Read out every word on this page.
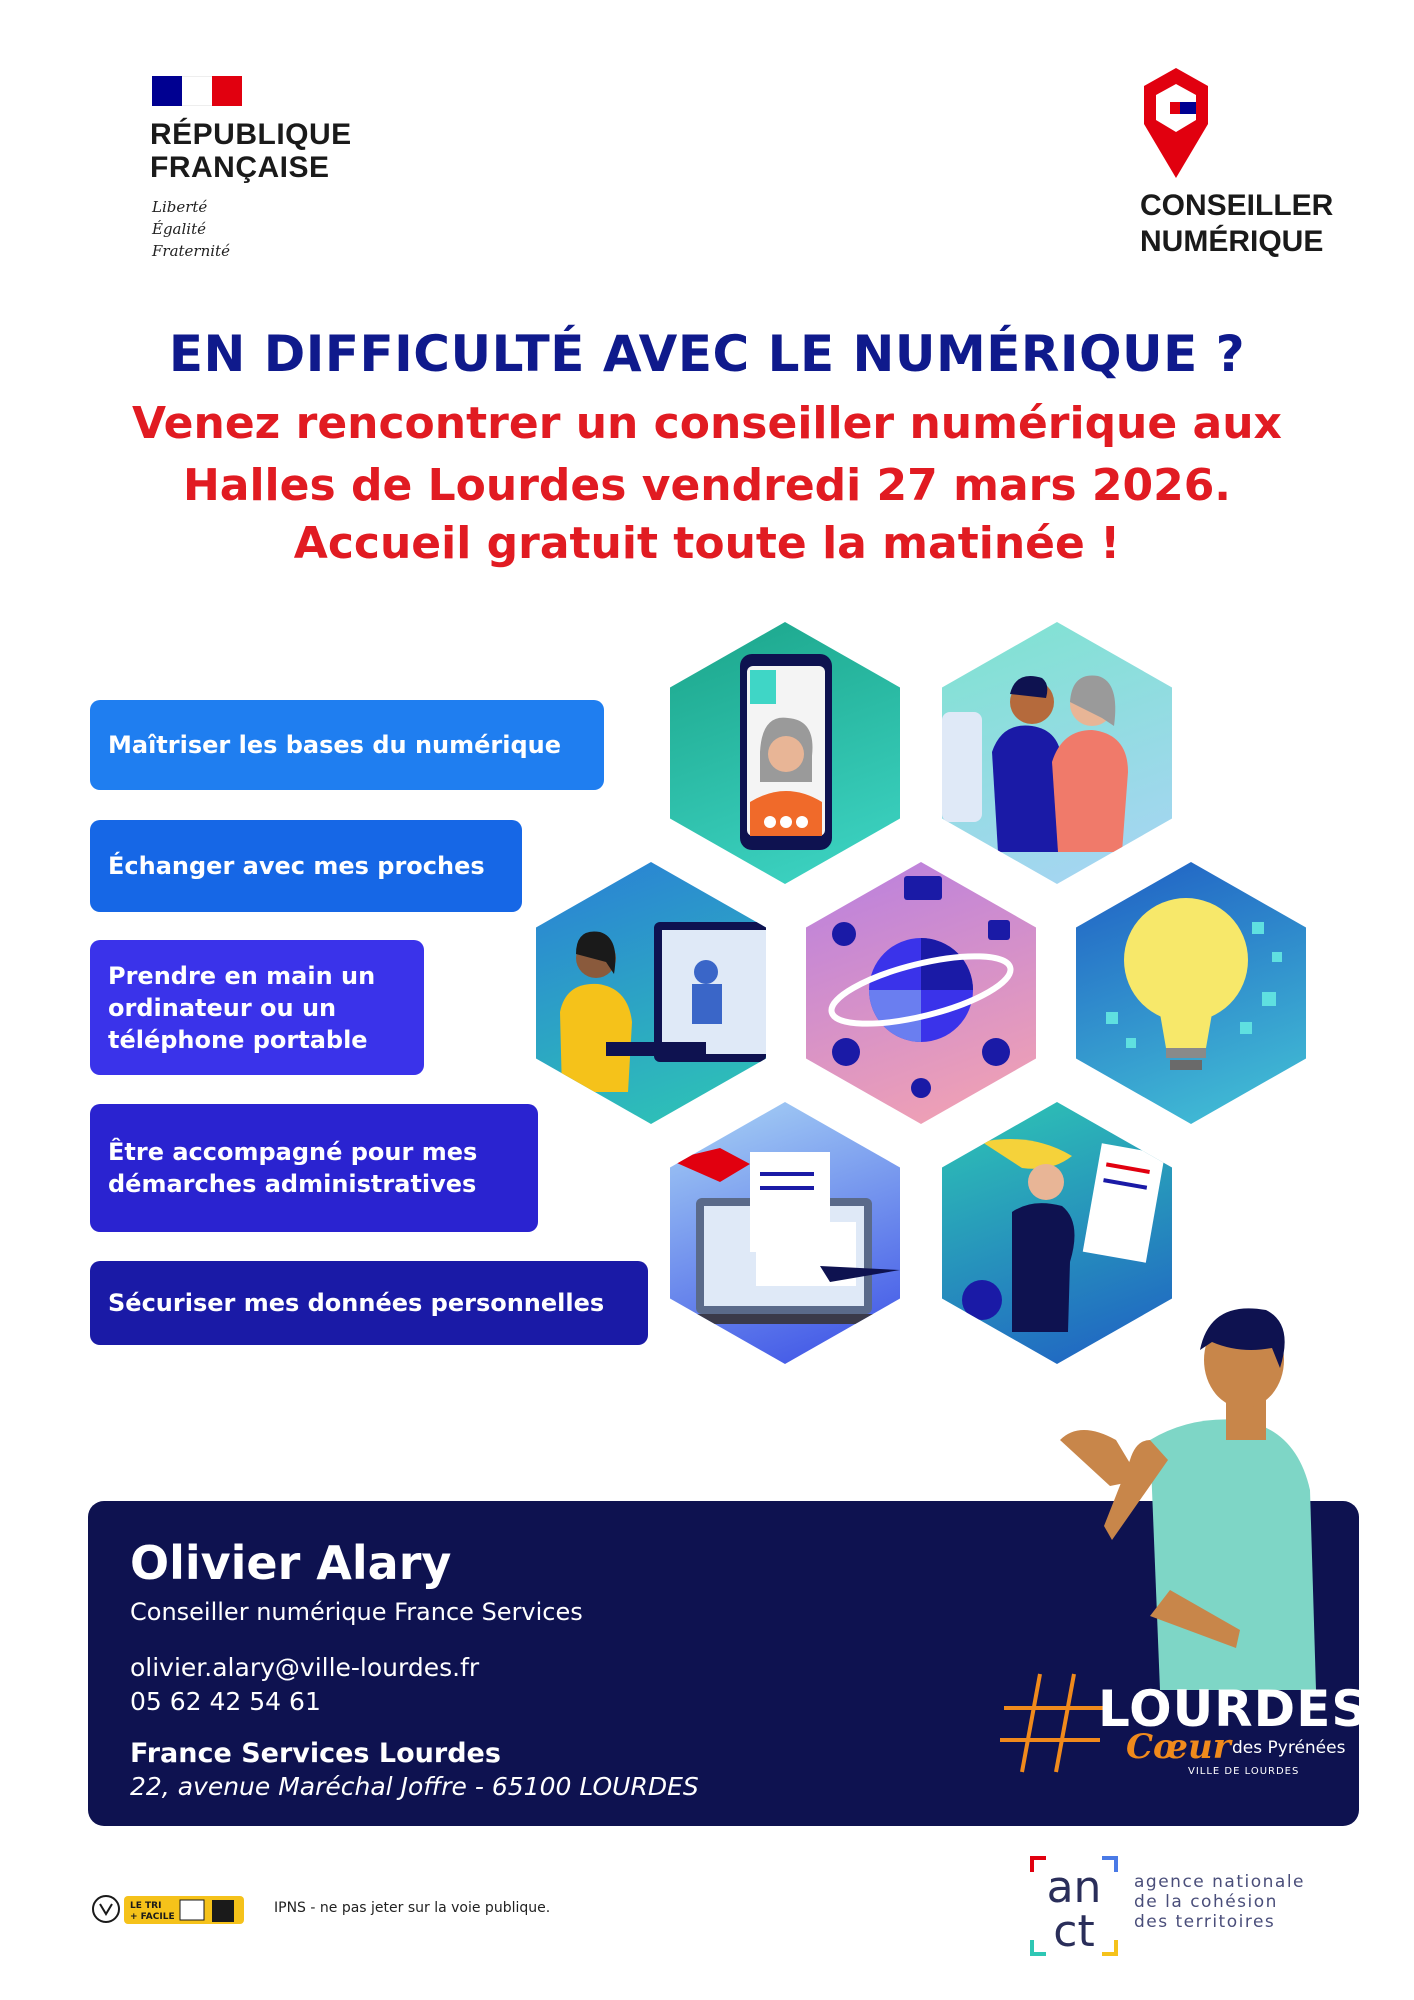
RÉPUBLIQUE
FRANÇAISE
Liberté
Égalité
Fraternité
CONSEILLER
NUMÉRIQUE
EN DIFFICULTÉ AVEC LE NUMÉRIQUE ?
Venez rencontrer un conseiller numérique aux
Halles de Lourdes vendredi 27 mars 2026.
Accueil gratuit toute la matinée !
Maîtriser les bases du numérique
Échanger avec mes proches
Prendre en main un
ordinateur ou un
téléphone portable
Être accompagné pour mes
démarches administratives
Sécuriser mes données personnelles
Olivier Alary
Conseiller numérique France Services
olivier.alary@ville-lourdes.fr
05 62 42 54 61
France Services Lourdes
22, avenue Maréchal Joffre - 65100 LOURDES
LOURDES
Cœur des Pyrénées
VILLE DE LOURDES
LE TRI
+ FACILE
IPNS - ne pas jeter sur la voie publique.	an
ct
agence nationale
de la cohésion
des territoires
